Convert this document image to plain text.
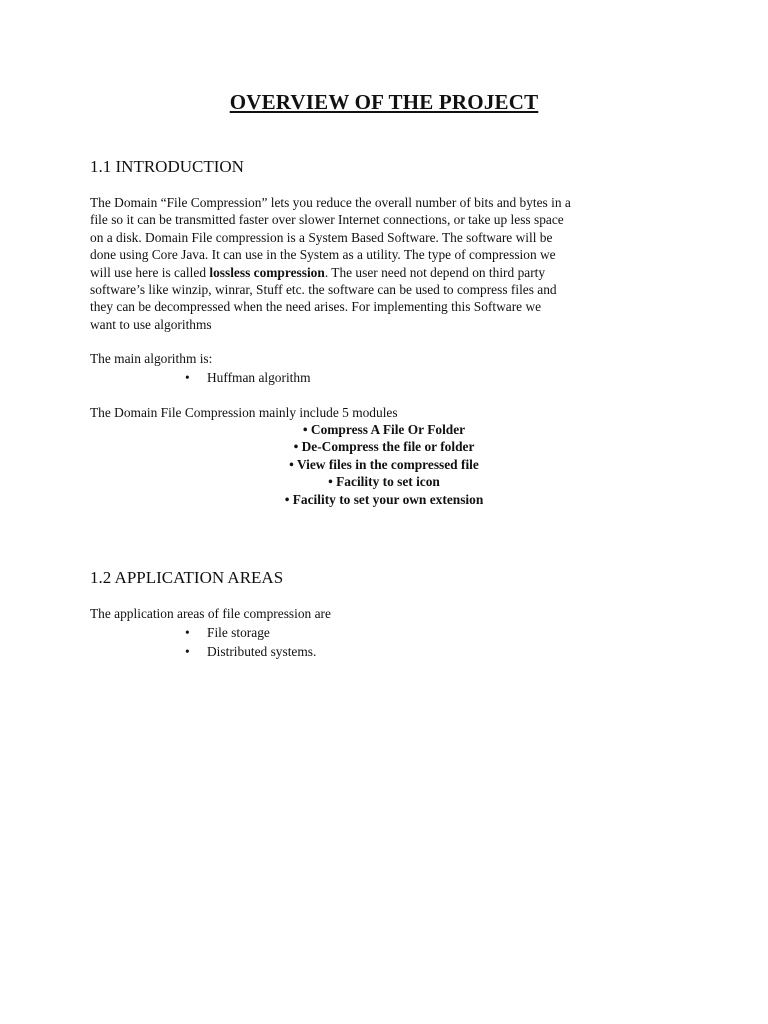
OVERVIEW OF THE PROJECT
1.1 INTRODUCTION
The Domain “File Compression” lets you reduce the overall number of bits and bytes in a
file so it can be transmitted faster over slower Internet connections, or take up less space
on a disk. Domain File compression is a System Based Software. The software will be
done using Core Java. It can use in the System as a utility. The type of compression we
will use here is called lossless compression. The user need not depend on third party
software’s like winzip, winrar, Stuff etc. the software can be used to compress files and
they can be decompressed when the need arises. For implementing this Software we
want to use algorithms
The main algorithm is:
• Huffman algorithm
The Domain File Compression mainly include 5 modules
• Compress A File Or Folder
• De-Compress the file or folder
• View files in the compressed file
• Facility to set icon
• Facility to set your own extension
1.2 APPLICATION AREAS
The application areas of file compression are
• File storage
• Distributed systems.
